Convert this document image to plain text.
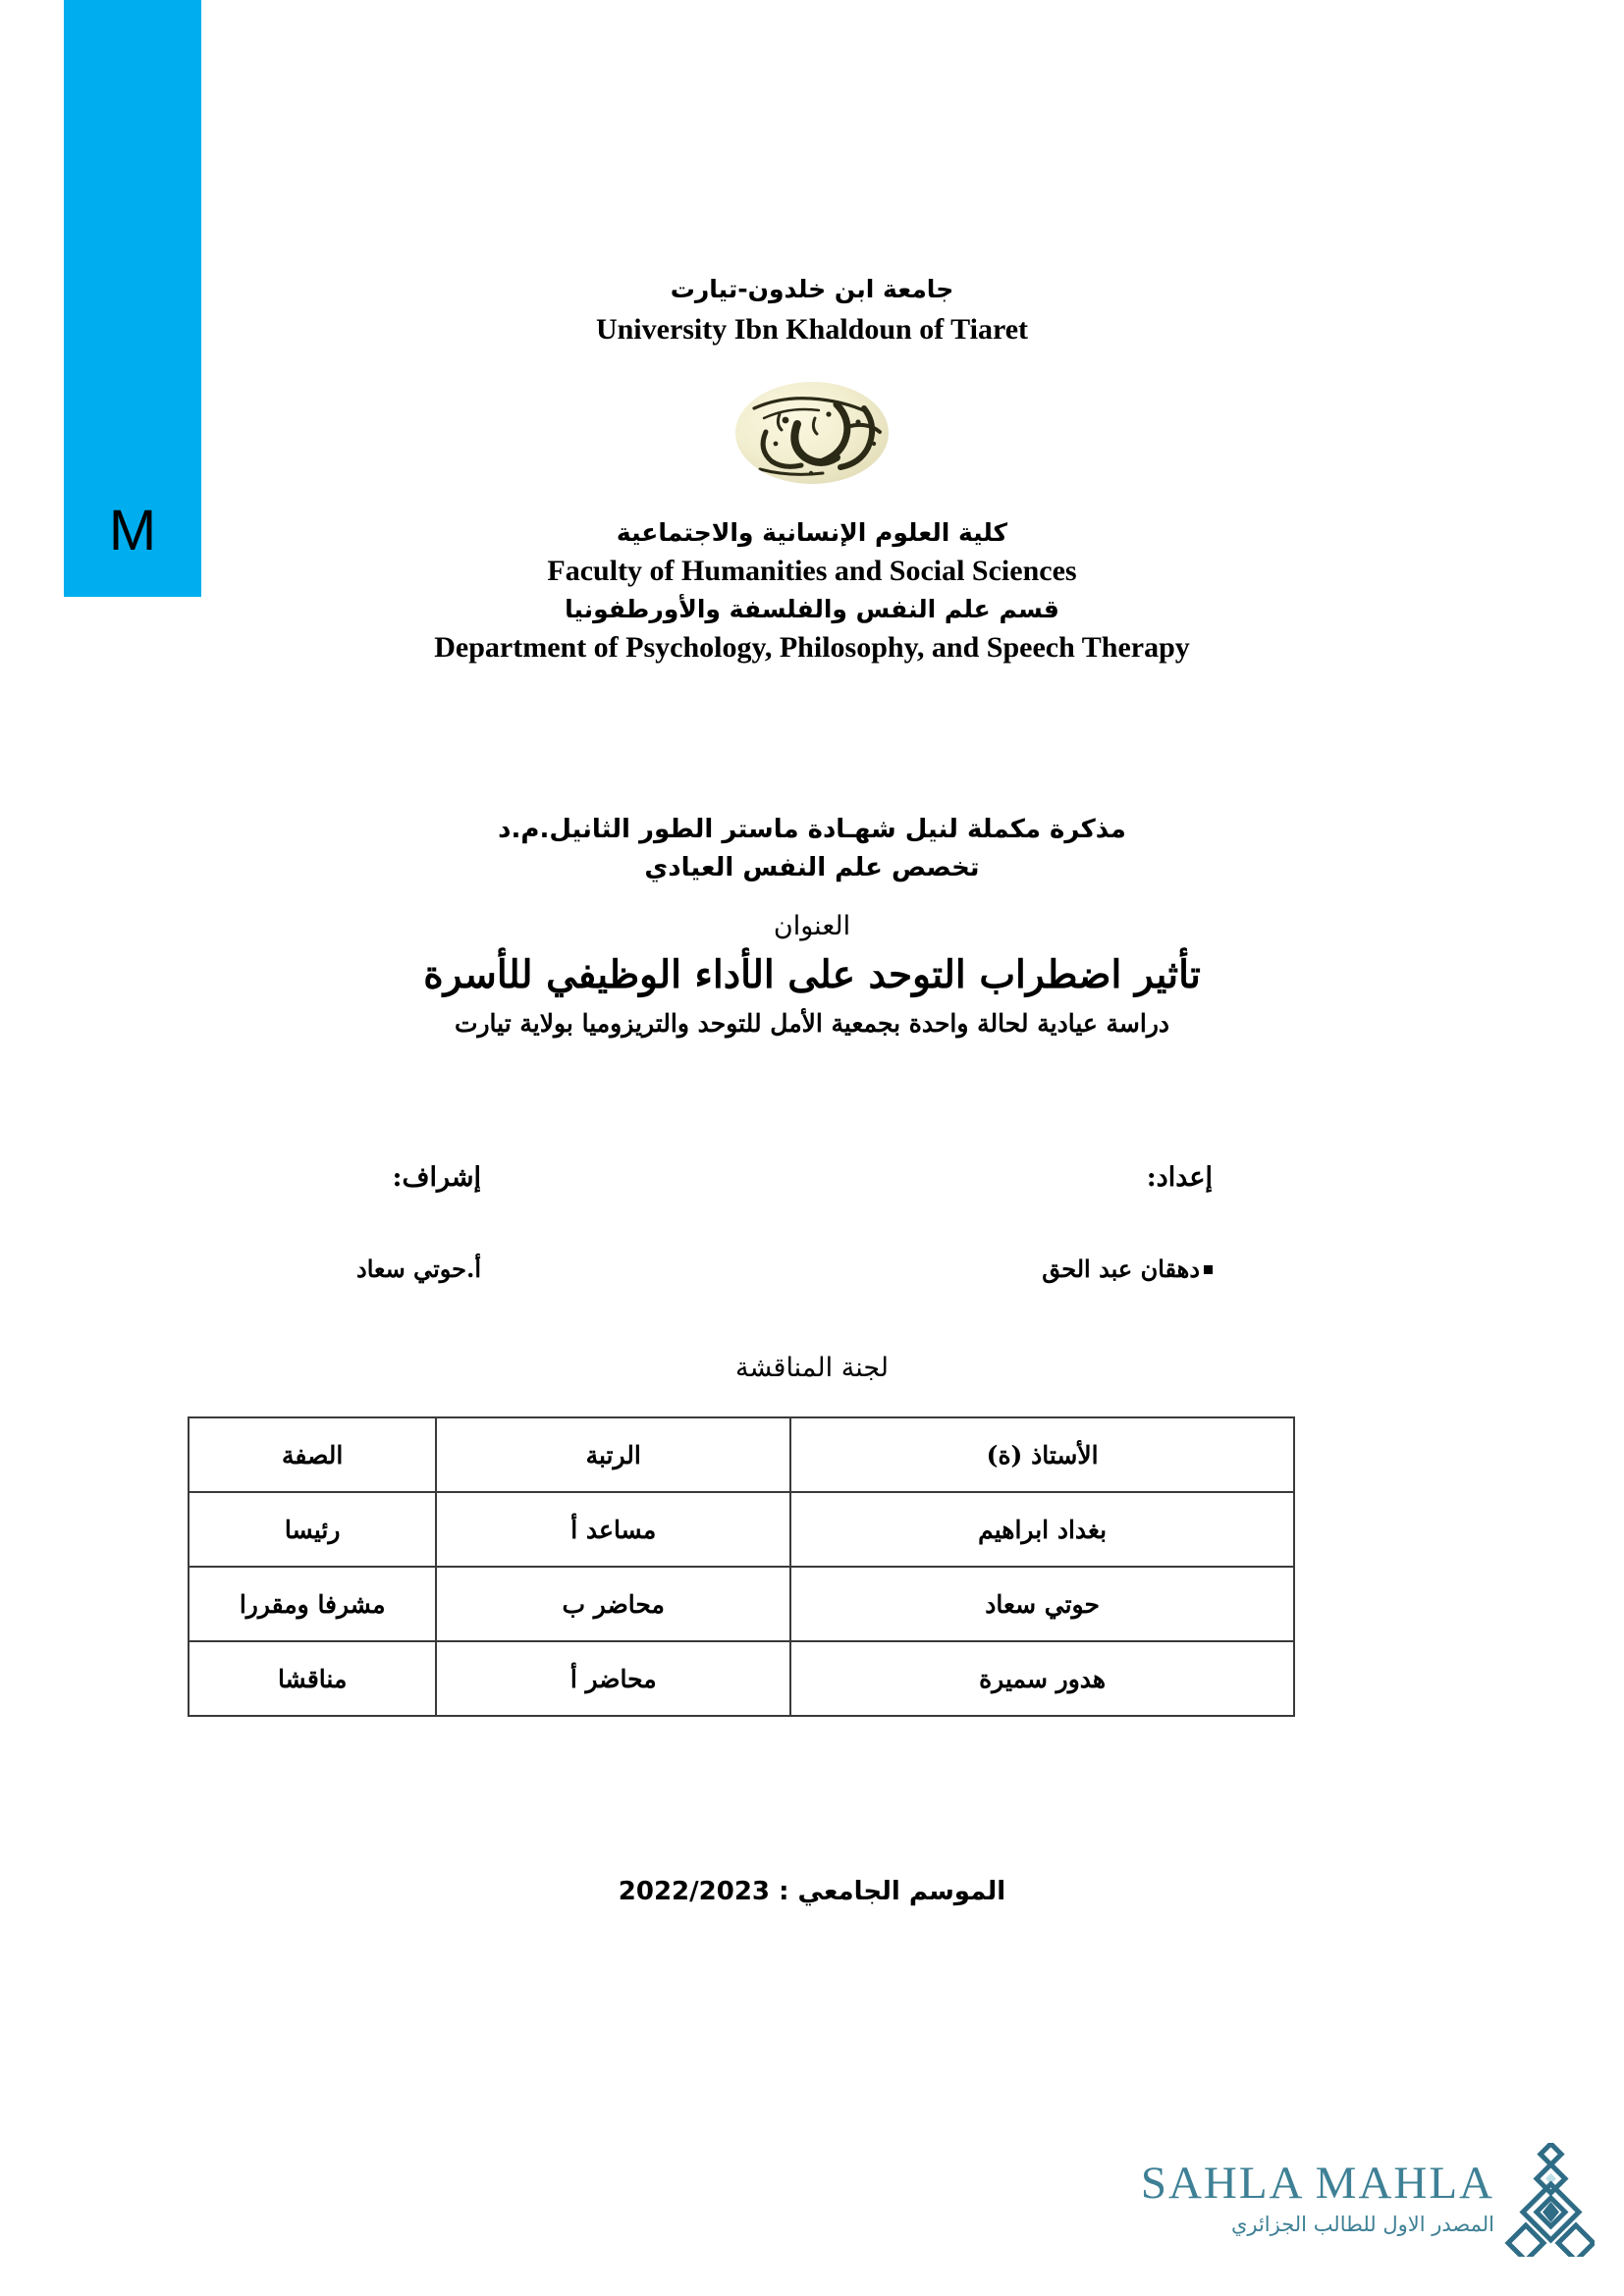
M
جامعة ابن خلدون-تيارت
University Ibn Khaldoun of Tiaret
كلية العلوم الإنسانية والاجتماعية
Faculty of Humanities and Social Sciences
قسم علم النفس والفلسفة والأورطفونيا
Department of Psychology, Philosophy, and Speech Therapy
مذكرة مكملة لنيل شهـادة ماستر الطور الثانيل.م.د
تخصص علم النفس العيادي
العنوان
تأثير اضطراب التوحد على الأداء الوظيفي للأسرة
دراسة عيادية لحالة واحدة بجمعية الأمل للتوحد والتريزوميا بولاية تيارت
إعداد:
دهقان عبد الحق
إشراف:
أ.حوتي سعاد
لجنة المناقشة
الأستاذ (ة)	الرتبة	الصفة
بغداد ابراهيم	مساعد أ	رئيسا
حوتي سعاد	محاضر ب	مشرفا ومقررا
هدور سميرة	محاضر أ	مناقشا
الموسم الجامعي : 2022/2023
SAHLA MAHLA
المصدر الاول للطالب الجزائري
